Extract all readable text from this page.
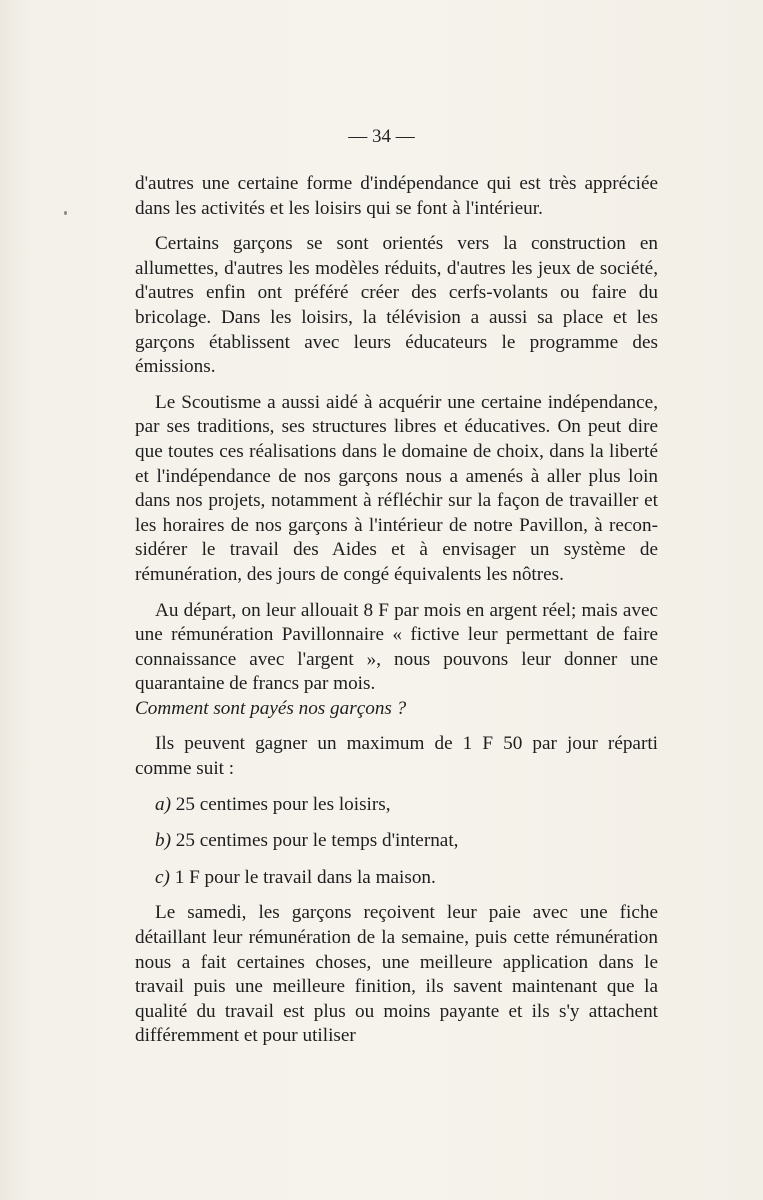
— 34 —

d'autres une certaine forme d'indépendance qui est très appréciée dans les activités et les loisirs qui se font à l'intérieur.

Certains garçons se sont orientés vers la construction en allumettes, d'autres les modèles réduits, d'autres les jeux de société, d'autres enfin ont préféré créer des cerfs-volants ou faire du bricolage. Dans les loisirs, la télévision a aussi sa place et les garçons établissent avec leurs éducateurs le programme des émissions.

Le Scoutisme a aussi aidé à acquérir une certaine indépendance, par ses traditions, ses structures libres et éducatives. On peut dire que toutes ces réalisations dans le domaine de choix, dans la liberté et l'indépendance de nos garçons nous a amenés à aller plus loin dans nos projets, notamment à réfléchir sur la façon de travailler et les horaires de nos garçons à l'intérieur de notre Pavillon, à reconsidérer le travail des Aides et à envisager un système de rémunération, des jours de congé équivalents les nôtres.

Au départ, on leur allouait 8 F par mois en argent réel; mais avec une rémunération Pavillonnaire « fictive leur permettant de faire connaissance avec l'argent », nous pouvons leur donner une quarantaine de francs par mois.

Comment sont payés nos garçons ?

Ils peuvent gagner un maximum de 1 F 50 par jour réparti comme suit :

a) 25 centimes pour les loisirs,
b) 25 centimes pour le temps d'internat,
c) 1 F pour le travail dans la maison.

Le samedi, les garçons reçoivent leur paie avec une fiche détaillant leur rémunération de la semaine, puis cette rémunération nous a fait certaines choses, une meilleure application dans le travail puis une meilleure finition, ils savent maintenant que la qualité du travail est plus ou moins payante et ils s'y attachent différemment et pour utiliser
